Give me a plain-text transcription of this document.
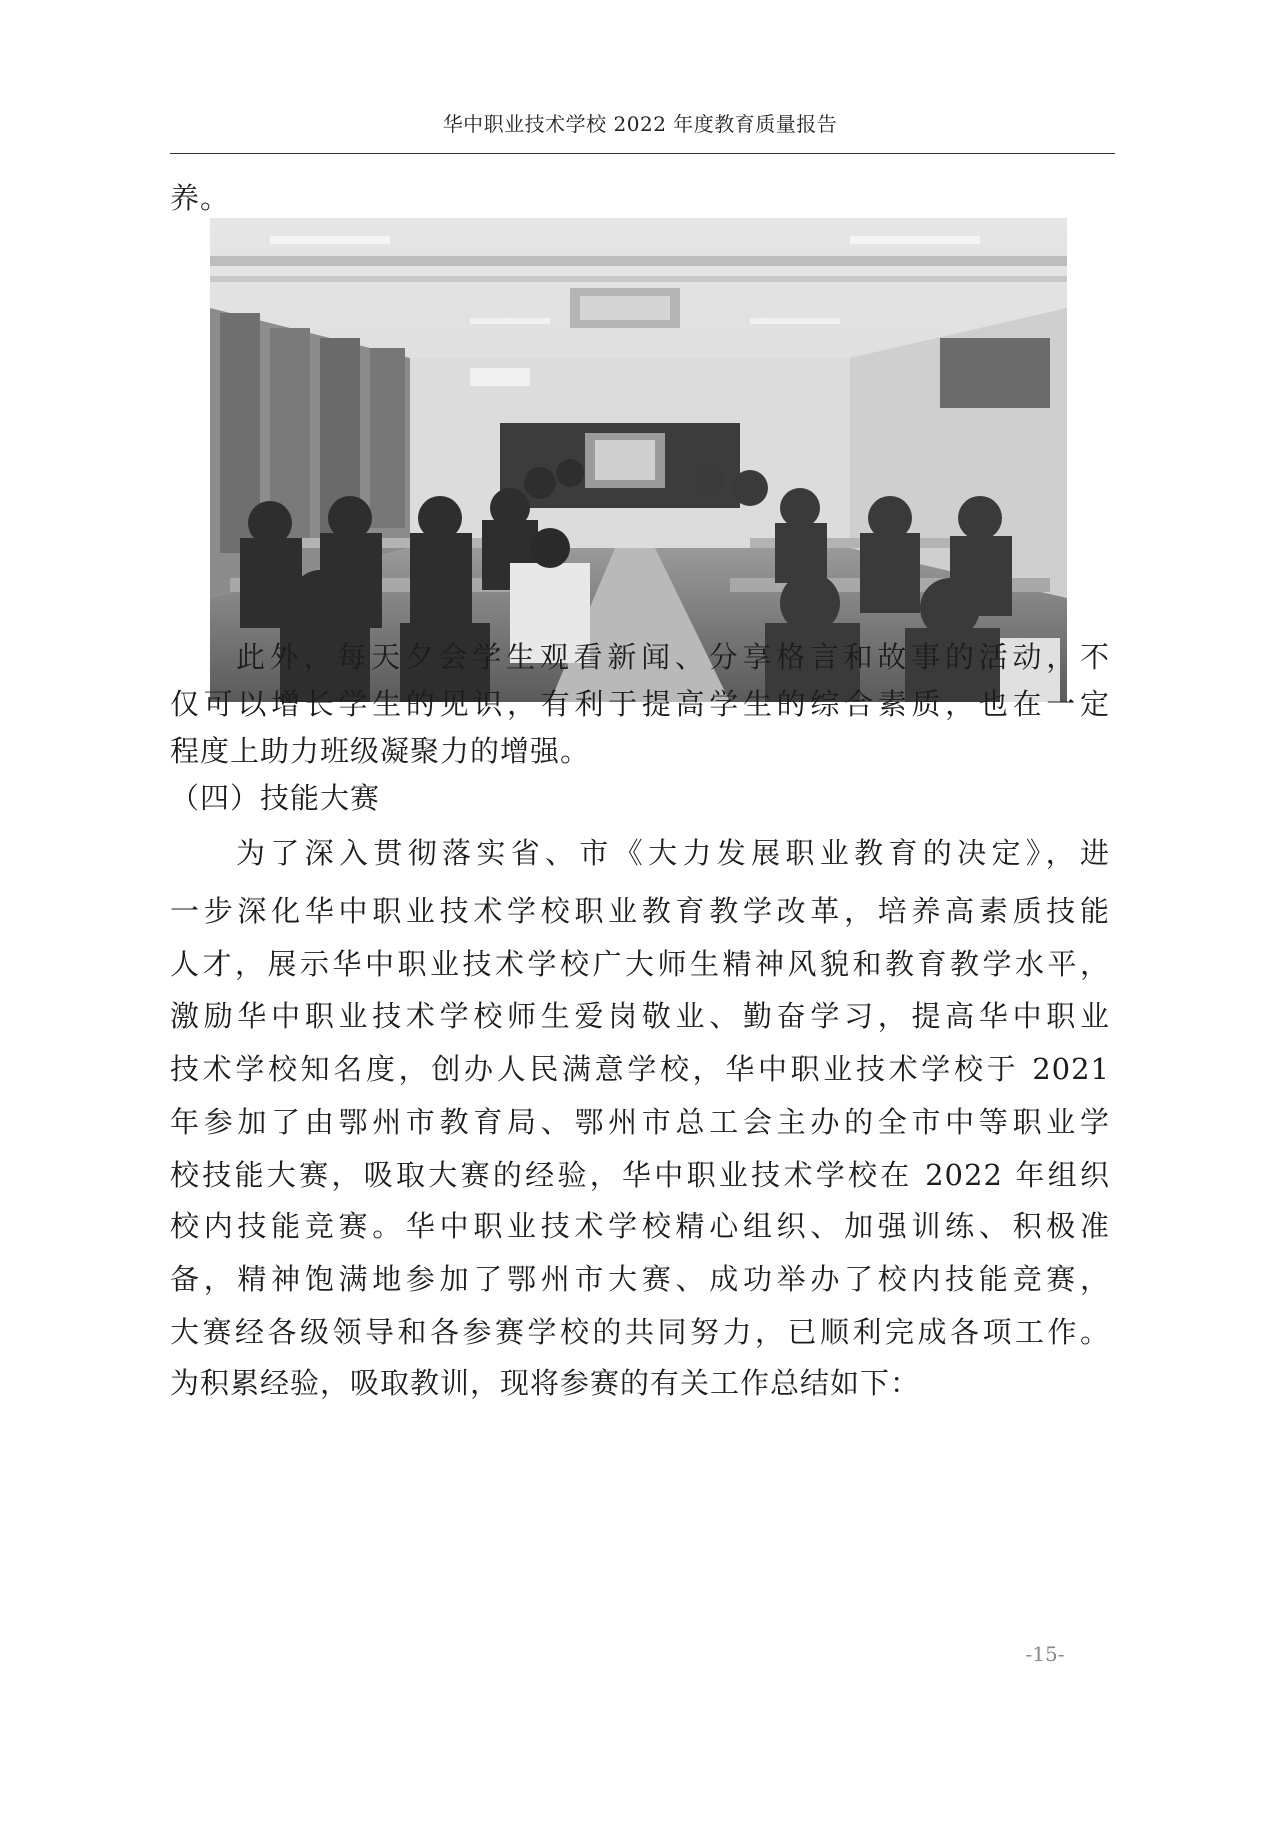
华中职业技术学校 2022 年度教育质量报告
养。
此外，每天夕会学生观看新闻、分享格言和故事的活动，不
仅可以增长学生的见识，有利于提高学生的综合素质，也在一定
程度上助力班级凝聚力的增强。
（四）技能大赛
为了深入贯彻落实省、市《大力发展职业教育的决定》，进
一步深化华中职业技术学校职业教育教学改革，培养高素质技能
人才，展示华中职业技术学校广大师生精神风貌和教育教学水平，
激励华中职业技术学校师生爱岗敬业、勤奋学习，提高华中职业
技术学校知名度，创办人民满意学校，华中职业技术学校于 2021
年参加了由鄂州市教育局、鄂州市总工会主办的全市中等职业学
校技能大赛，吸取大赛的经验，华中职业技术学校在 2022 年组织
校内技能竞赛。华中职业技术学校精心组织、加强训练、积极准
备，精神饱满地参加了鄂州市大赛、成功举办了校内技能竞赛，
大赛经各级领导和各参赛学校的共同努力，已顺利完成各项工作。
为积累经验，吸取教训，现将参赛的有关工作总结如下：
-15-
